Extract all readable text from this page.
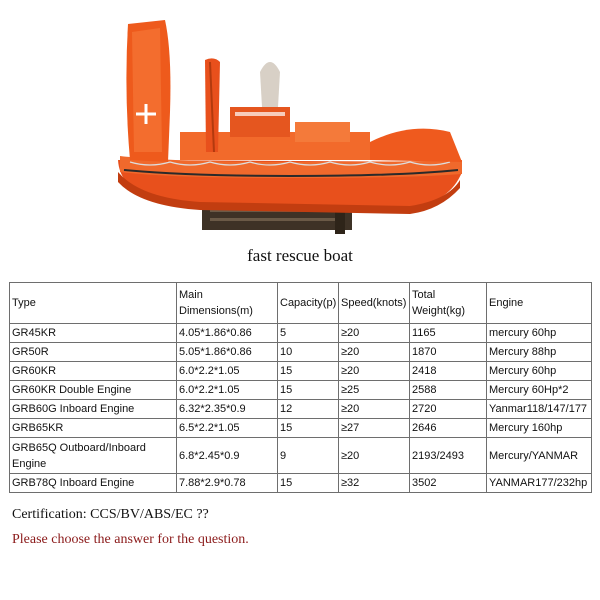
fast rescue boat
Type	Main Dimensions(m)	Capacity(p)	Speed(knots)	Total Weight(kg)	Engine
GR45KR	4.05*1.86*0.86	5	≥20	1165	mercury 60hp
GR50R	5.05*1.86*0.86	10	≥20	1870	Mercury 88hp
GR60KR	6.0*2.2*1.05	15	≥20	2418	Mercury 60hp
GR60KR Double Engine	6.0*2.2*1.05	15	≥25	2588	Mercury 60Hp*2
GRB60G Inboard Engine	6.32*2.35*0.9	12	≥20	2720	Yanmar118/147/177
GRB65KR	6.5*2.2*1.05	15	≥27	2646	Mercury 160hp
GRB65Q Outboard/Inboard Engine	6.8*2.45*0.9	9	≥20	2193/2493	Mercury/YANMAR
GRB78Q Inboard Engine	7.88*2.9*0.78	15	≥32	3502	YANMAR177/232hp
Certification: CCS/BV/ABS/EC ??
Please choose the answer for the question.
